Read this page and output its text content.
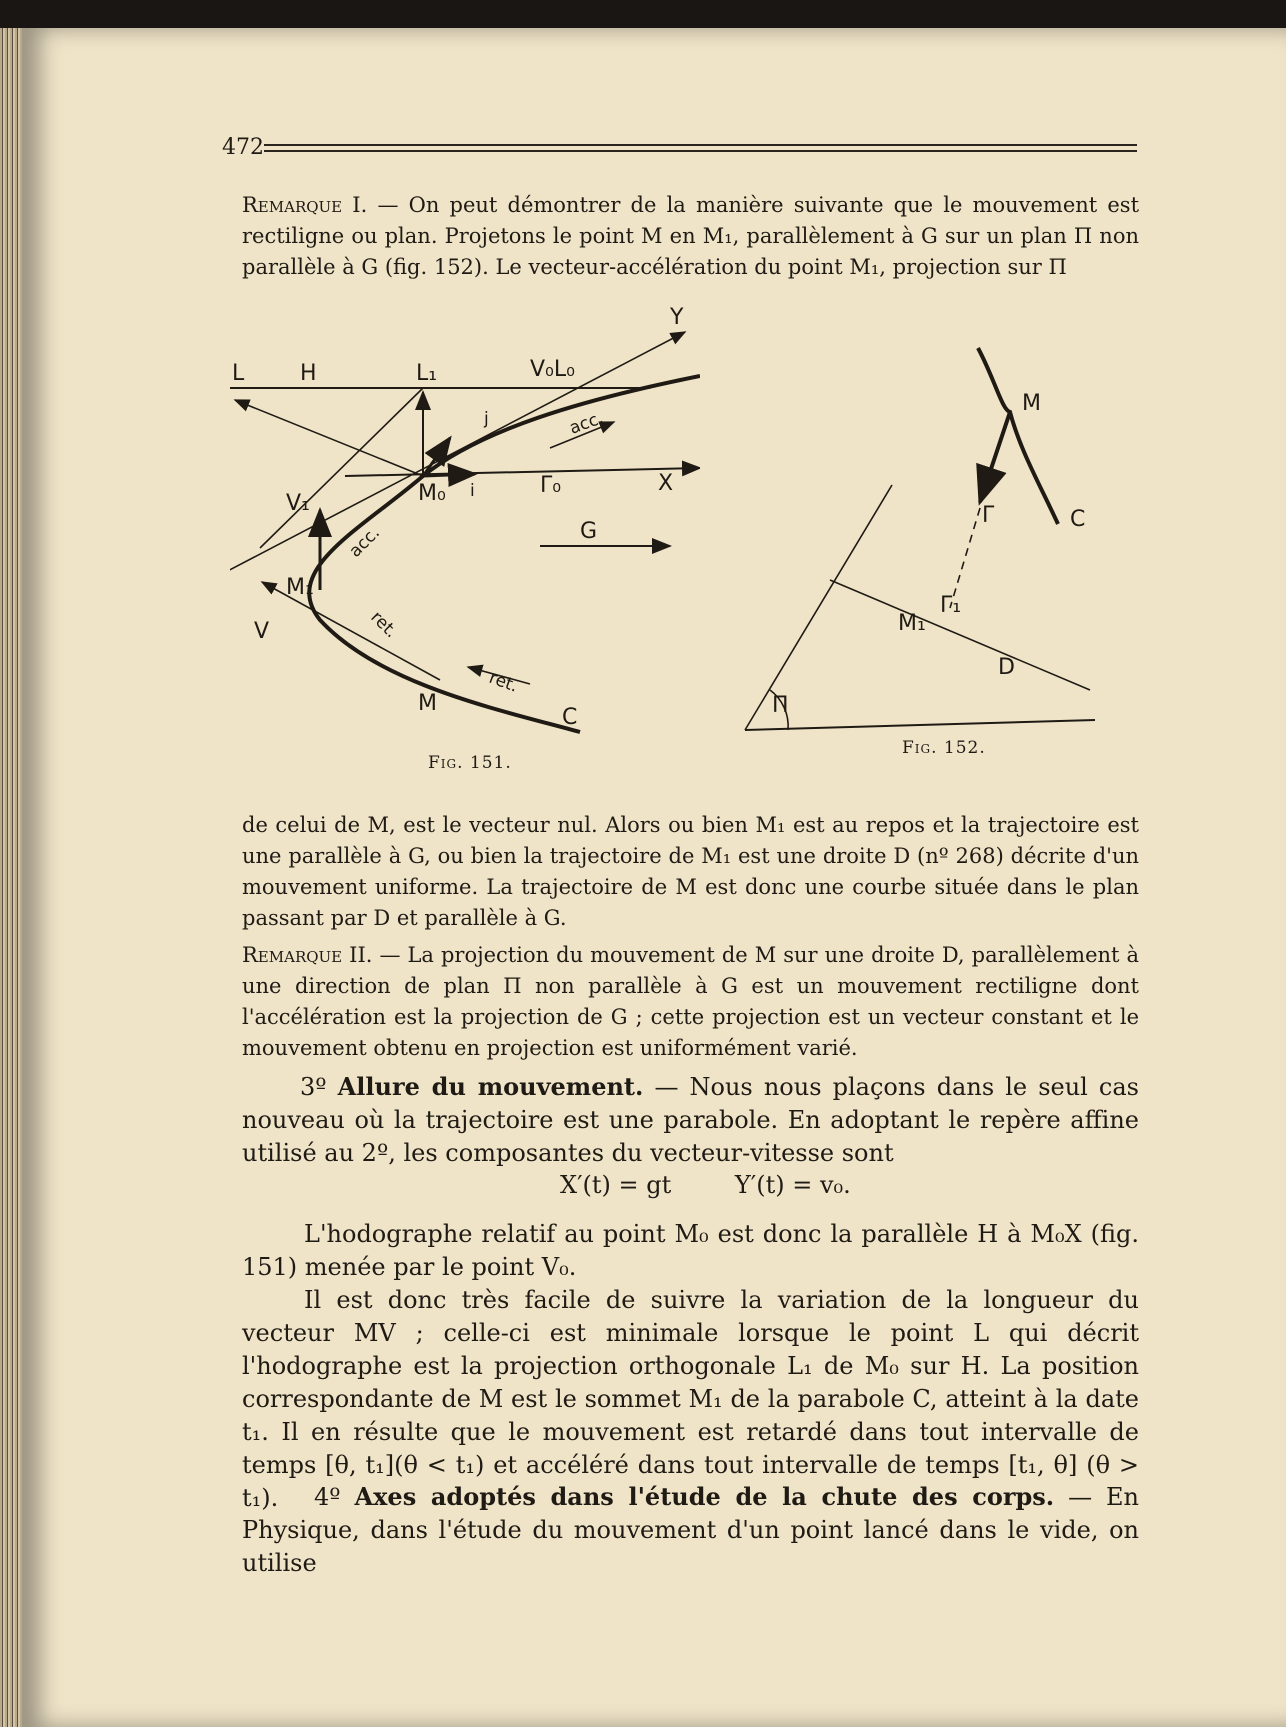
472

Remarque I. — On peut démontrer de la manière suivante que le mouvement est rectiligne ou plan. Projetons le point M en M₁, parallèlement à G sur un plan Π non parallèle à G (fig. 152). Le vecteur-accélération du point M₁, projection sur Π

L	H	L₁	V₀L₀
Y
X
j
i
M₀	Γ₀
acc.
acc.	G
V₁
M₁
V	ret.
ret.
M
C
Fig. 151.
M
Γ	C
Γ₁
M₁
D
Π
Fig. 152.

de celui de M, est le vecteur nul. Alors ou bien M₁ est au repos et la trajectoire est une parallèle à G, ou bien la trajectoire de M₁ est une droite D (nº 268) décrite d'un mouvement uniforme. La trajectoire de M est donc une courbe située dans le plan passant par D et parallèle à G.

Remarque II. — La projection du mouvement de M sur une droite D, parallèlement à une direction de plan Π non parallèle à G est un mouvement rectiligne dont l'accélération est la projection de G ; cette projection est un vecteur constant et le mouvement obtenu en projection est uniformément varié.

3º Allure du mouvement. — Nous nous plaçons dans le seul cas nouveau où la trajectoire est une parabole. En adoptant le repère affine utilisé au 2º, les composantes du vecteur-vitesse sont

X′(t) = gt	Y′(t) = v₀.

L'hodographe relatif au point M₀ est donc la parallèle H à M₀X (fig. 151) menée par le point V₀.

Il est donc très facile de suivre la variation de la longueur du vecteur MV ; celle-ci est minimale lorsque le point L qui décrit l'hodographe est la projection orthogonale L₁ de M₀ sur H. La position correspondante de M est le sommet M₁ de la parabole C, atteint à la date t₁. Il en résulte que le mouvement est retardé dans tout intervalle de temps [θ, t₁](θ < t₁) et accéléré dans tout intervalle de temps [t₁, θ] (θ > t₁).	4º Axes adoptés dans l'étude de la chute des corps. — En Physique, dans l'étude du mouvement d'un point lancé dans le vide, on utilise
